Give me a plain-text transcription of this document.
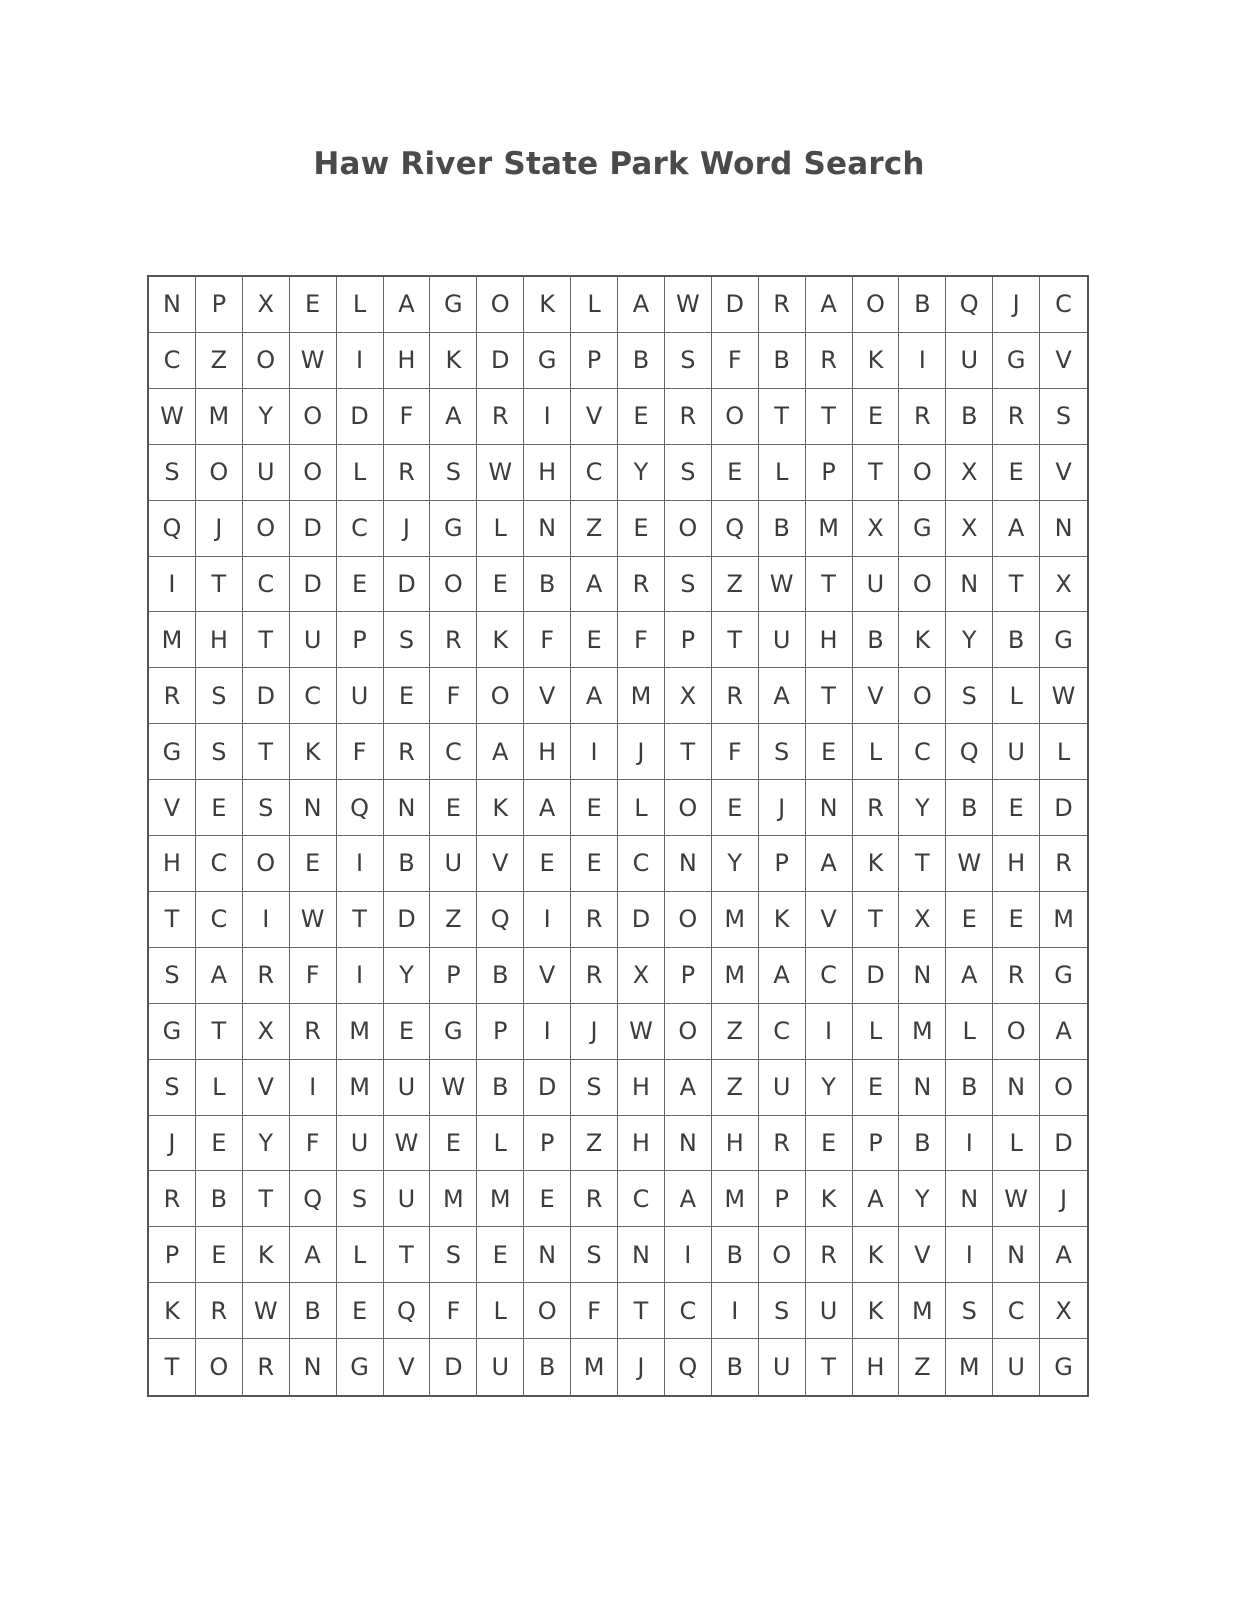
Haw River State Park Word Search
N	P	X	E	L	A	G	O	K	L	A	W	D	R	A	O	B	Q	J	C
C	Z	O	W	I	H	K	D	G	P	B	S	F	B	R	K	I	U	G	V
W	M	Y	O	D	F	A	R	I	V	E	R	O	T	T	E	R	B	R	S
S	O	U	O	L	R	S	W	H	C	Y	S	E	L	P	T	O	X	E	V
Q	J	O	D	C	J	G	L	N	Z	E	O	Q	B	M	X	G	X	A	N
I	T	C	D	E	D	O	E	B	A	R	S	Z	W	T	U	O	N	T	X
M	H	T	U	P	S	R	K	F	E	F	P	T	U	H	B	K	Y	B	G
R	S	D	C	U	E	F	O	V	A	M	X	R	A	T	V	O	S	L	W
G	S	T	K	F	R	C	A	H	I	J	T	F	S	E	L	C	Q	U	L
V	E	S	N	Q	N	E	K	A	E	L	O	E	J	N	R	Y	B	E	D
H	C	O	E	I	B	U	V	E	E	C	N	Y	P	A	K	T	W	H	R
T	C	I	W	T	D	Z	Q	I	R	D	O	M	K	V	T	X	E	E	M
S	A	R	F	I	Y	P	B	V	R	X	P	M	A	C	D	N	A	R	G
G	T	X	R	M	E	G	P	I	J	W	O	Z	C	I	L	M	L	O	A
S	L	V	I	M	U	W	B	D	S	H	A	Z	U	Y	E	N	B	N	O
J	E	Y	F	U	W	E	L	P	Z	H	N	H	R	E	P	B	I	L	D
R	B	T	Q	S	U	M	M	E	R	C	A	M	P	K	A	Y	N	W	J
P	E	K	A	L	T	S	E	N	S	N	I	B	O	R	K	V	I	N	A
K	R	W	B	E	Q	F	L	O	F	T	C	I	S	U	K	M	S	C	X
T	O	R	N	G	V	D	U	B	M	J	Q	B	U	T	H	Z	M	U	G
